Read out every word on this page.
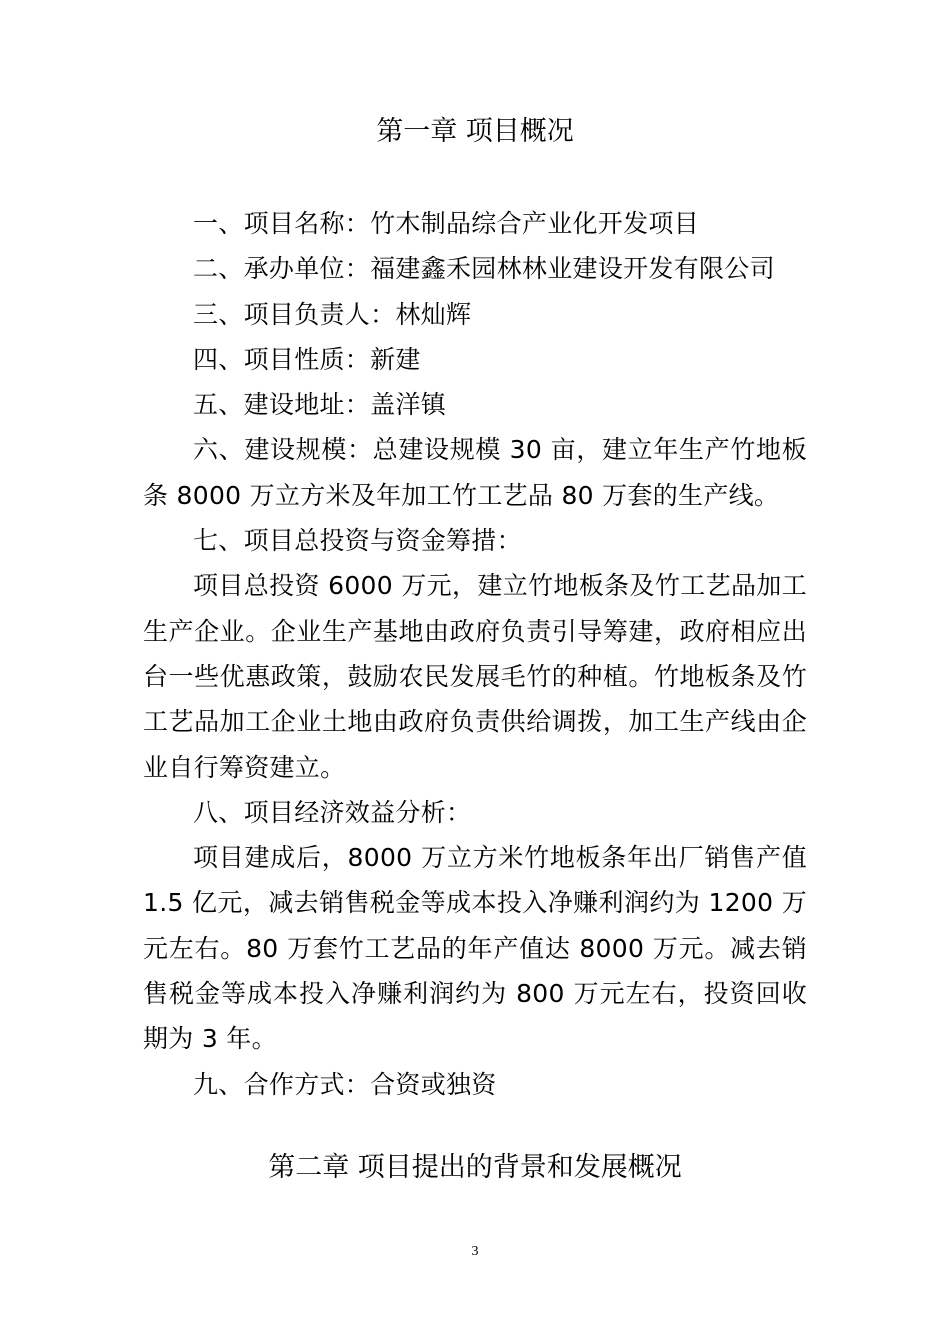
第一章 项目概况

一、项目名称：竹木制品综合产业化开发项目

二、承办单位：福建鑫禾园林林业建设开发有限公司

三、项目负责人：林灿辉

四、项目性质：新建

五、建设地址：盖洋镇

六、建设规模：总建设规模 30 亩，建立年生产竹地板条 8000 万立方米及年加工竹工艺品 80 万套的生产线。

七、项目总投资与资金筹措：

项目总投资 6000 万元，建立竹地板条及竹工艺品加工生产企业。企业生产基地由政府负责引导筹建，政府相应出台一些优惠政策，鼓励农民发展毛竹的种植。竹地板条及竹工艺品加工企业土地由政府负责供给调拨，加工生产线由企业自行筹资建立。

八、项目经济效益分析：

项目建成后，8000 万立方米竹地板条年出厂销售产值 1.5 亿元，减去销售税金等成本投入净赚利润约为 1200 万元左右。80 万套竹工艺品的年产值达 8000 万元。减去销售税金等成本投入净赚利润约为 800 万元左右，投资回收期为 3 年。

九、合作方式：合资或独资

第二章 项目提出的背景和发展概况
3
